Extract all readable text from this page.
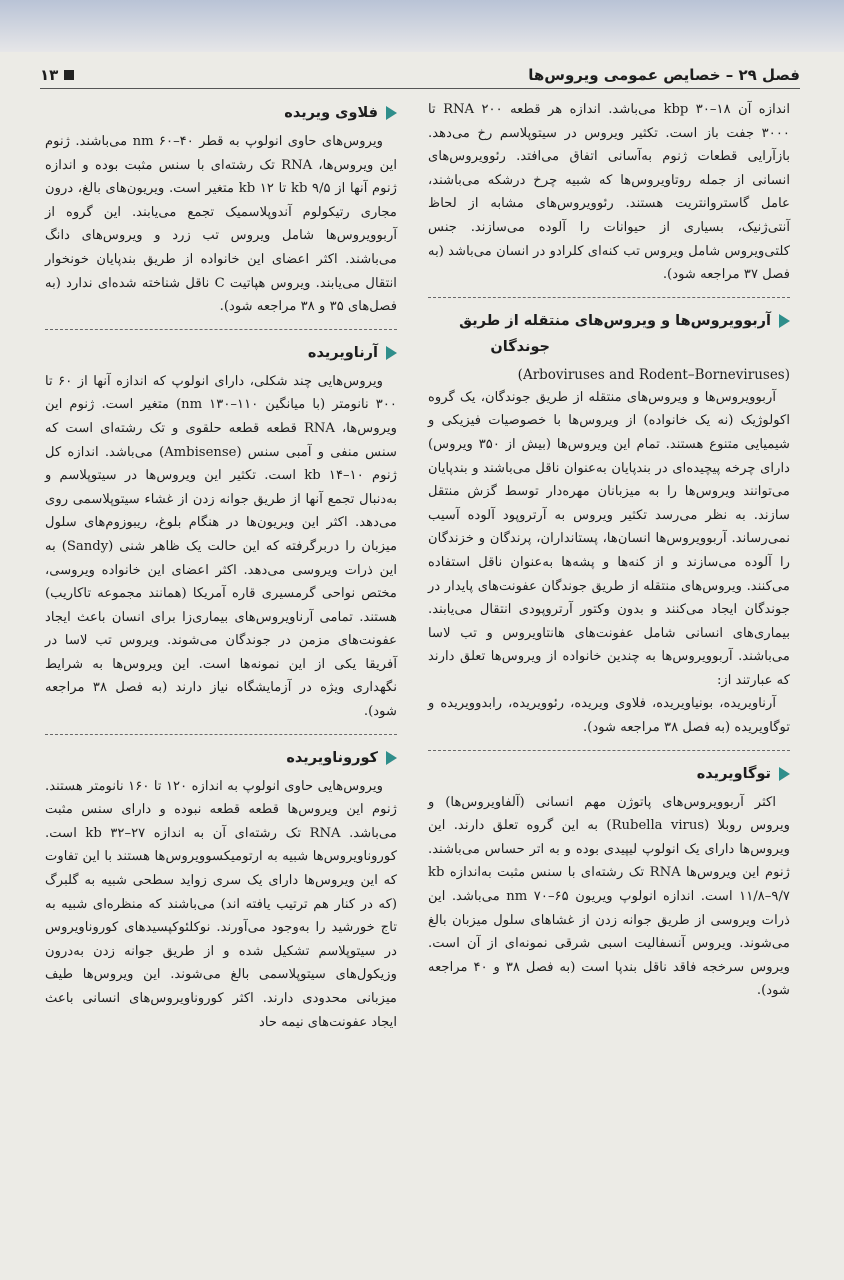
فصل ۲۹ – خصایص عمومی ویروس‌ها
۱۳

اندازه آن kbp ۳۰–۱۸ می‌باشد. اندازه هر قطعه RNA ۲۰۰ تا ۳۰۰۰ جفت باز است. تکثیر ویروس در سیتوپلاسم رخ می‌دهد. بازآرایی قطعات ژنوم به‌آسانی اتفاق می‌افتد. رئوویروس‌های انسانی از جمله روتاویروس‌ها که شبیه چرخ درشکه می‌باشند، عامل گاستروانتریت هستند. رئوویروس‌های مشابه از لحاظ آنتی‌ژنیک، بسیاری از حیوانات را آلوده می‌سازند. جنس کلتی‌ویروس شامل ویروس تب کنه‌ای کلرادو در انسان می‌باشد (به فصل ۳۷ مراجعه شود).

آربوویروس‌ها و ویروس‌های منتقله از طریق
جوندگان
(Arboviruses and Rodent–Borneviruses)

آربوویروس‌ها و ویروس‌های منتقله از طریق جوندگان، یک گروه اکولوژیک (نه یک خانواده) از ویروس‌ها با خصوصیات فیزیکی و شیمیایی متنوع هستند. تمام این ویروس‌ها (بیش از ۳۵۰ ویروس) دارای چرخه پیچیده‌ای در بندپایان به‌عنوان ناقل می‌باشند و بندپایان می‌توانند ویروس‌ها را به میزبانان مهره‌دار توسط گزش منتقل سازند. به نظر می‌رسد تکثیر ویروس به آرتروپود آلوده آسیب نمی‌رساند. آربوویروس‌ها انسان‌ها، پستانداران، پرندگان و خزندگان را آلوده می‌سازند و از کنه‌ها و پشه‌ها به‌عنوان ناقل استفاده می‌کنند. ویروس‌های منتقله از طریق جوندگان عفونت‌های پایدار در جوندگان ایجاد می‌کنند و بدون وکتور آرتروپودی انتقال می‌یابند. بیماری‌های انسانی شامل عفونت‌های هانتاویروس و تب لاسا می‌باشند. آربوویروس‌ها به چندین خانواده از ویروس‌ها تعلق دارند که عبارتند از:

آرناویریده، بونیاویریده، فلاوی ویریده، رئوویریده، رابدوویریده و توگاویریده (به فصل ۳۸ مراجعه شود).

توگاویریده

اکثر آربوویروس‌های پاتوژن مهم انسانی (آلفاویروس‌ها) و ویروس روبلا (Rubella virus) به این گروه تعلق دارند. این ویروس‌ها دارای یک انولوپ لیپیدی بوده و به اتر حساس می‌باشند. ژنوم این ویروس‌ها RNA تک رشته‌ای با سنس مثبت به‌اندازه kb ۱۱/۸–۹/۷ است. اندازه انولوپ ویریون nm ۷۰–۶۵ می‌باشد. این ذرات ویروسی از طریق جوانه زدن از غشاهای سلول میزبان بالغ می‌شوند. ویروس آنسفالیت اسبی شرقی نمونه‌ای از آن است. ویروس سرخجه فاقد ناقل بندپا است (به فصل ۳۸ و ۴۰ مراجعه شود).

فلاوی ویریده

ویروس‌های حاوی انولوپ به قطر nm ۶۰–۴۰ می‌باشند. ژنوم این ویروس‌ها، RNA تک رشته‌ای با سنس مثبت بوده و اندازه ژنوم آنها از kb ۹/۵ تا kb ۱۲ متغیر است. ویریون‌های بالغ، درون مجاری رتیکولوم آندوپلاسمیک تجمع می‌یابند. این گروه از آربوویروس‌ها شامل ویروس تب زرد و ویروس‌های دانگ می‌باشند. اکثر اعضای این خانواده از طریق بندپایان خونخوار انتقال می‌یابند. ویروس هپاتیت C ناقل شناخته شده‌ای ندارد (به فصل‌های ۳۵ و ۳۸ مراجعه شود).

آرناویریده

ویروس‌هایی چند شکلی، دارای انولوپ که اندازه آنها از ۶۰ تا ۳۰۰ نانومتر (با میانگین nm ۱۳۰–۱۱۰) متغیر است. ژنوم این ویروس‌ها، RNA قطعه قطعه حلقوی و تک رشته‌ای است که سنس منفی و آمبی سنس (Ambisense) می‌باشد. اندازه کل ژنوم kb ۱۴–۱۰ است. تکثیر این ویروس‌ها در سیتوپلاسم و به‌دنبال تجمع آنها از طریق جوانه زدن از غشاء سیتوپلاسمی روی می‌دهد. اکثر این ویریون‌ها در هنگام بلوغ، ریبوزوم‌های سلول میزبان را دربرگرفته که این حالت یک ظاهر شنی (Sandy) به این ذرات ویروسی می‌دهد. اکثر اعضای این خانواده ویروسی، مختص نواحی گرمسیری قاره آمریکا (همانند مجموعه تاکاریب) هستند. تمامی آرناویروس‌های بیماری‌زا برای انسان باعث ایجاد عفونت‌های مزمن در جوندگان می‌شوند. ویروس تب لاسا در آفریقا یکی از این نمونه‌ها است. این ویروس‌ها به شرایط نگهداری ویژه در آزمایشگاه نیاز دارند (به فصل ۳۸ مراجعه شود).

کوروناویریده

ویروس‌هایی حاوی انولوپ به اندازه ۱۲۰ تا ۱۶۰ نانومتر هستند. ژنوم این ویروس‌ها قطعه قطعه نبوده و دارای سنس مثبت می‌باشد. RNA تک رشته‌ای آن به اندازه kb ۳۲–۲۷ است. کوروناویروس‌ها شبیه به ارتومیکسوویروس‌ها هستند با این تفاوت که این ویروس‌ها دارای یک سری زواید سطحی شبیه به گلبرگ (که در کنار هم ترتیب یافته اند) می‌باشند که منظره‌ای شبیه به تاج خورشید را به‌وجود می‌آورند. نوکلئوکپسیدهای کوروناویروس در سیتوپلاسم تشکیل شده و از طریق جوانه زدن به‌درون وزیکول‌های سیتوپلاسمی بالغ می‌شوند. این ویروس‌ها طیف میزبانی محدودی دارند. اکثر کوروناویروس‌های انسانی باعث ایجاد عفونت‌های نیمه حاد
